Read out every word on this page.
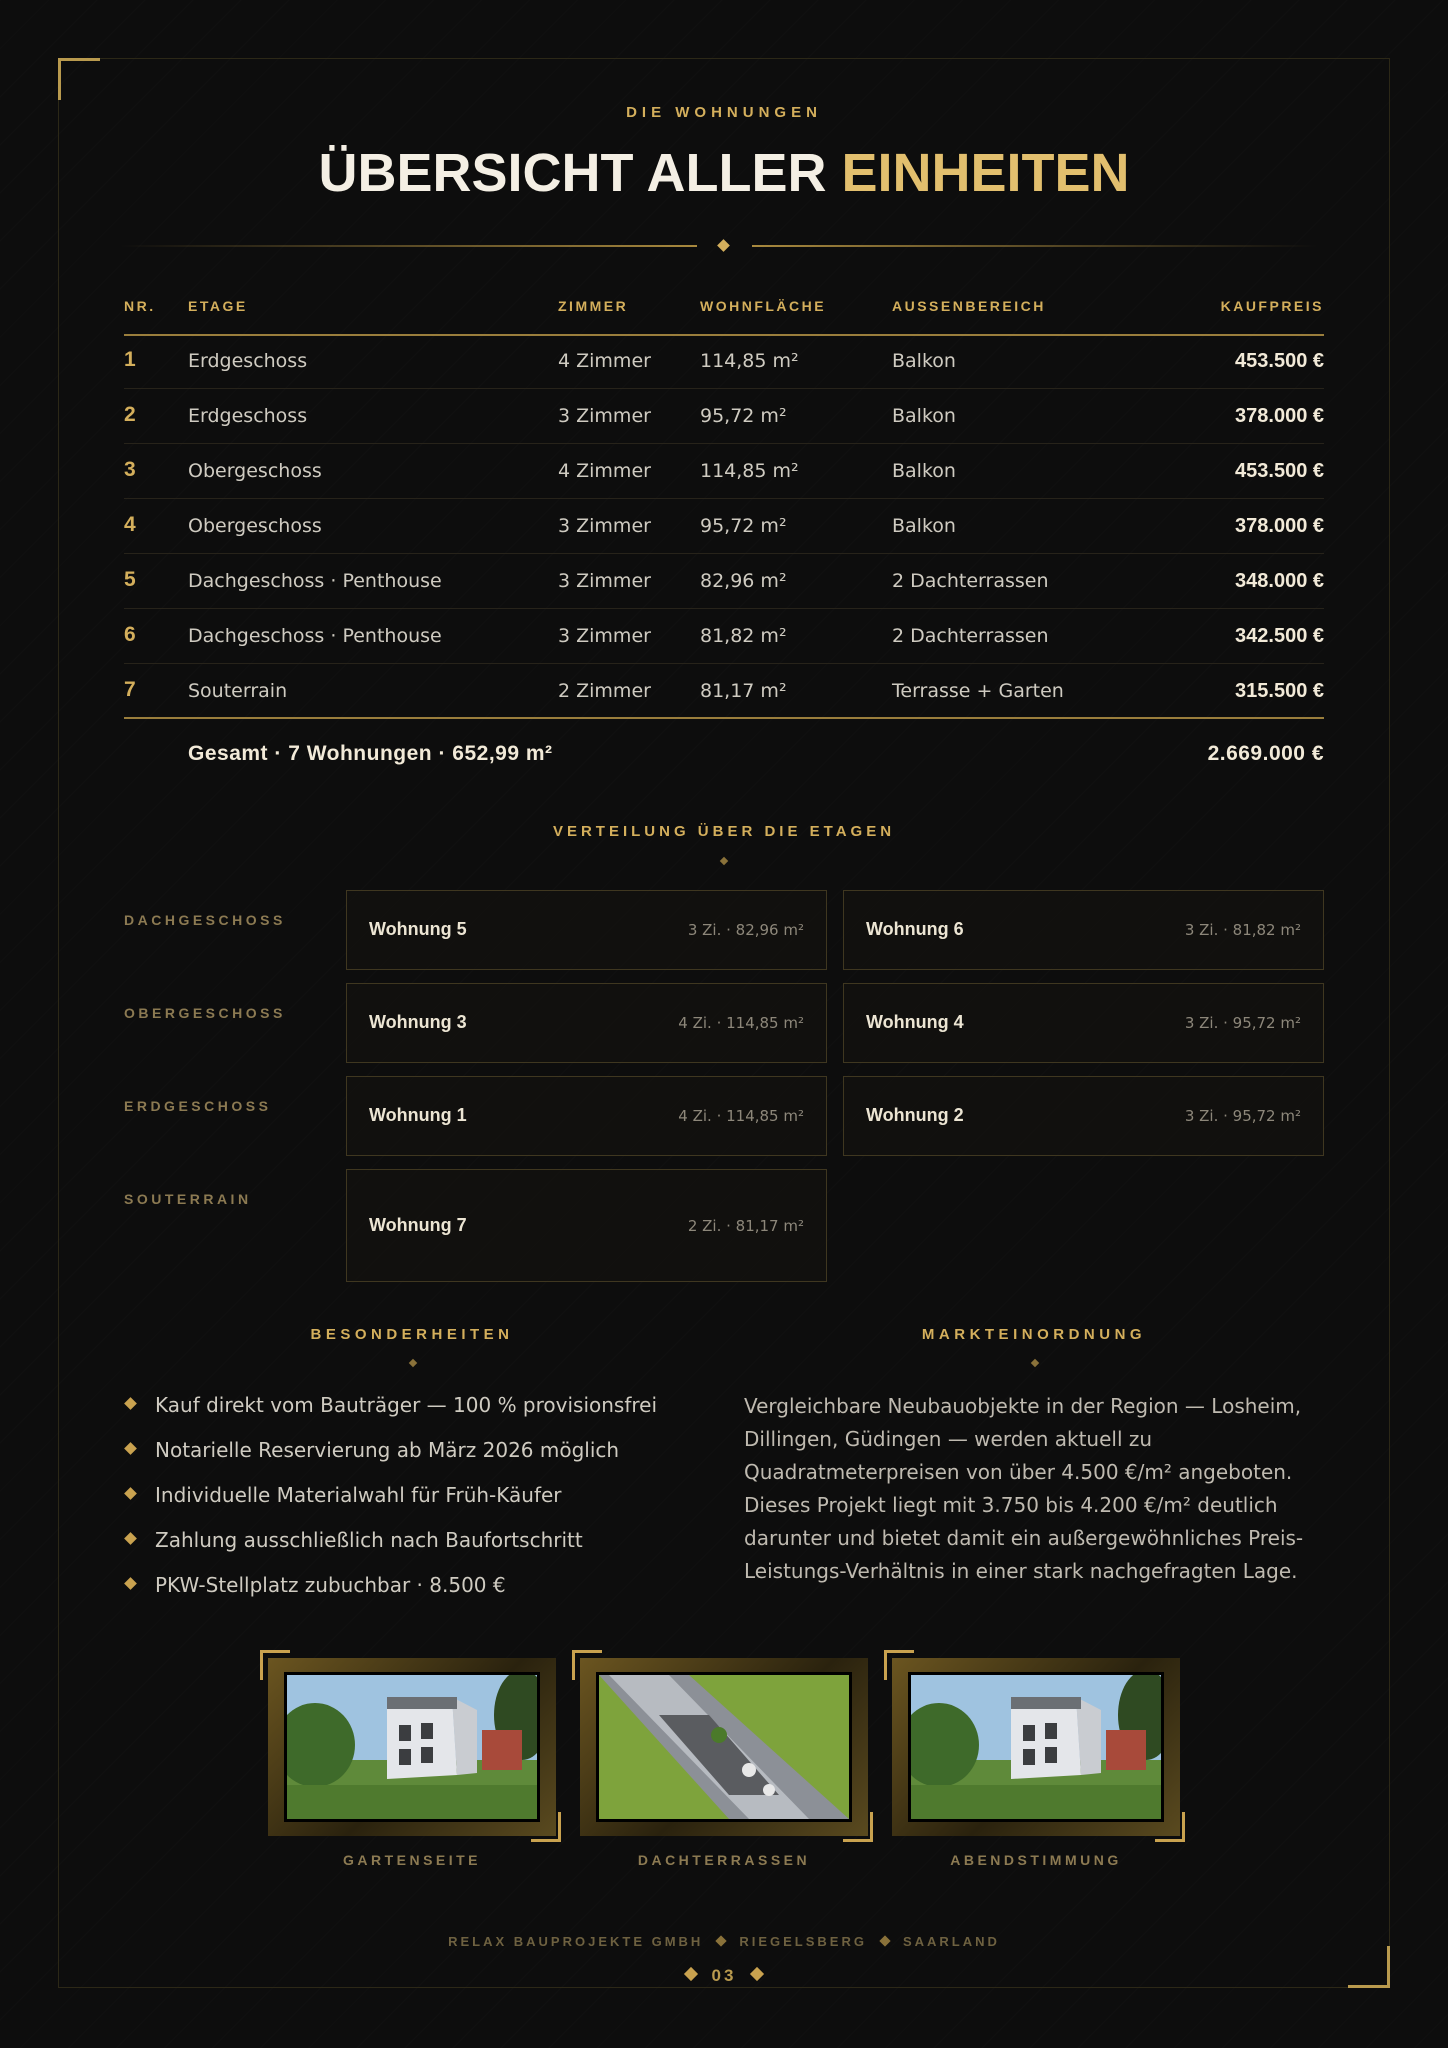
DIE WOHNUNGEN
ÜBERSICHT ALLER EINHEITEN
NR. ETAGE	ZIMMER	WOHNFLÄCHE	AUSSENBEREICH	KAUFPREIS
1	Erdgeschoss	4 Zimmer	114,85 m²	Balkon	453.500 €
2	Erdgeschoss	3 Zimmer	95,72 m²	Balkon	378.000 €
3	Obergeschoss	4 Zimmer	114,85 m²	Balkon	453.500 €
4	Obergeschoss	3 Zimmer	95,72 m²	Balkon	378.000 €
5	Dachgeschoss · Penthouse	3 Zimmer	82,96 m²	2 Dachterrassen	348.000 €
6	Dachgeschoss · Penthouse	3 Zimmer	81,82 m²	2 Dachterrassen	342.500 €
7	Souterrain	2 Zimmer	81,17 m²	Terrasse + Garten	315.500 €
Gesamt · 7 Wohnungen · 652,99 m²	2.669.000 €
VERTEILUNG ÜBER DIE ETAGEN
DACHGESCHOSS	Wohnung 5	3 Zi. · 82,96 m²	Wohnung 6	3 Zi. · 81,82 m²
OBERGESCHOSS	Wohnung 3	4 Zi. · 114,85 m²	Wohnung 4	3 Zi. · 95,72 m²
ERDGESCHOSS	Wohnung 1	4 Zi. · 114,85 m²	Wohnung 2	3 Zi. · 95,72 m²
SOUTERRAIN
Wohnung 7	2 Zi. · 81,17 m²
BESONDERHEITEN
Kauf direkt vom Bauträger — 100 % provisionsfrei
Notarielle Reservierung ab März 2026 möglich
Individuelle Materialwahl für Früh-Käufer
Zahlung ausschließlich nach Baufortschritt
PKW-Stellplatz zubuchbar · 8.500 €
MARKTEINORDNUNG
Vergleichbare Neubauobjekte in der Region — Losheim, Dillingen, Güdingen — werden aktuell zu Quadratmeterpreisen von über 4.500 €/m² angeboten. Dieses Projekt liegt mit 3.750 bis 4.200 €/m² deutlich darunter und bietet damit ein außergewöhnliches Preis-Leistungs-Verhältnis in einer stark nachgefragten Lage.
GARTENSEITE	DACHTERRASSEN	ABENDSTIMMUNG
RELAX BAUPROJEKTE GMBH	RIEGELSBERG	SAARLAND
03
